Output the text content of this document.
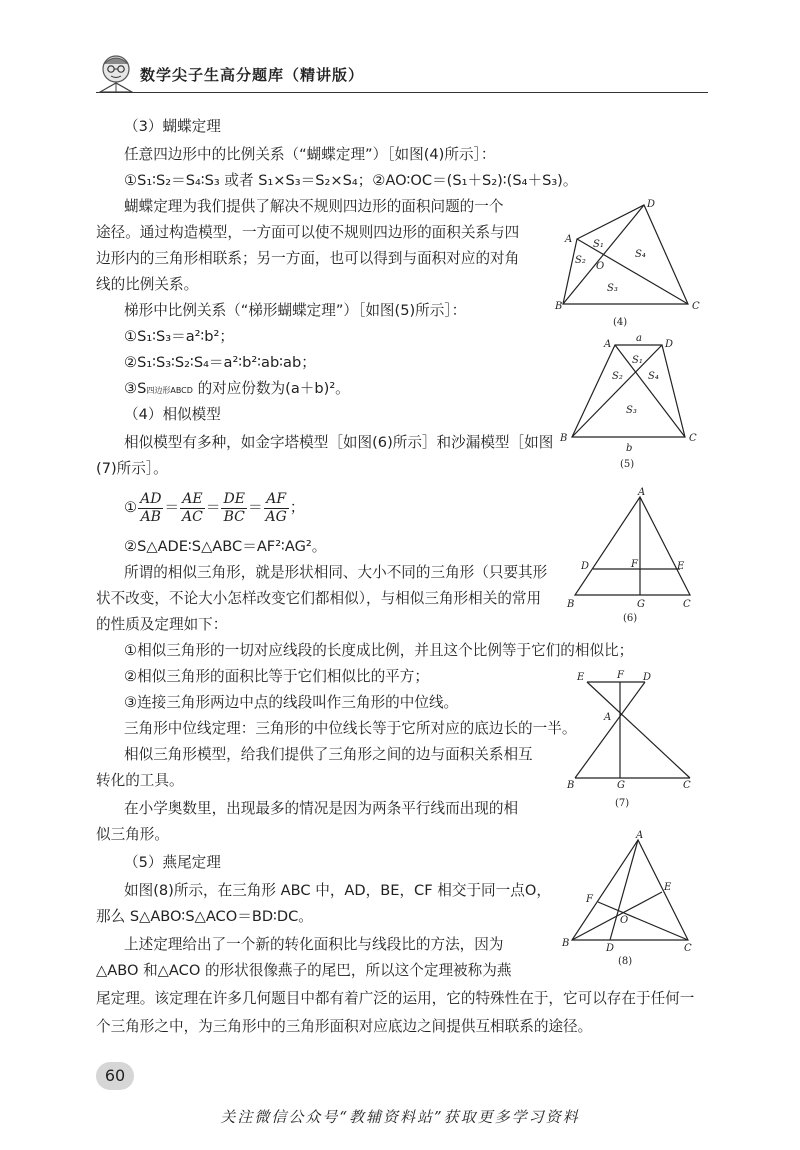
数学尖子生高分题库（精讲版）
（3）蝴蝶定理
任意四边形中的比例关系（“蝴蝶定理”）［如图(4)所示］：
①S₁∶S₂＝S₄∶S₃ 或者 S₁×S₃＝S₂×S₄；②AO∶OC＝(S₁＋S₂)∶(S₄＋S₃)。
蝴蝶定理为我们提供了解决不规则四边形的面积问题的一个
途径。通过构造模型，一方面可以使不规则四边形的面积关系与四
边形内的三角形相联系；另一方面，也可以得到与面积对应的对角
线的比例关系。
梯形中比例关系（“梯形蝴蝶定理”）［如图(5)所示］：
①S₁∶S₃＝a²∶b²；
②S₁∶S₃∶S₂∶S₄＝a²∶b²∶ab∶ab；
③S四边形ABCD 的对应份数为(a＋b)²。
（4）相似模型
相似模型有多种，如金字塔模型［如图(6)所示］和沙漏模型［如图
(7)所示］。
① $\frac{AD}{AB} = \frac{AE}{AC} = \frac{DE}{BC} = \frac{AF}{AG}$ ；
②S△ADE∶S△ABC＝AF²∶AG²。
所谓的相似三角形，就是形状相同、大小不同的三角形（只要其形
状不改变，不论大小怎样改变它们都相似），与相似三角形相关的常用
的性质及定理如下：
①相似三角形的一切对应线段的长度成比例，并且这个比例等于它们的相似比；
②相似三角形的面积比等于它们相似比的平方；
③连接三角形两边中点的线段叫作三角形的中位线。
三角形中位线定理：三角形的中位线长等于它所对应的底边长的一半。
相似三角形模型，给我们提供了三角形之间的边与面积关系相互
转化的工具。
在小学奥数里，出现最多的情况是因为两条平行线而出现的相
似三角形。
（5）燕尾定理
如图(8)所示，在三角形 ABC 中，AD，BE，CF 相交于同一点O，
那么 S△ABO∶S△ACO＝BD∶DC。
上述定理给出了一个新的转化面积比与线段比的方法，因为
△ABO 和△ACO 的形状很像燕子的尾巴，所以这个定理被称为燕
尾定理。该定理在许多几何题目中都有着广泛的运用，它的特殊性在于，它可以存在于任何一
个三角形之中，为三角形中的三角形面积对应底边之间提供互相联系的途径。
A
D
B	C
O
S₁
S₂
S₃
S₄
(4)
a
A	D
B	C
b
S₁
S₂	S₄
S₃
(5)
A
D	F	E
B	G	C
(6)
E	F D
A
B	G	C
(7)
A
F
E
O
B	D	C
(8)
60
关注微信公众号“教辅资料站”获取更多学习资料
